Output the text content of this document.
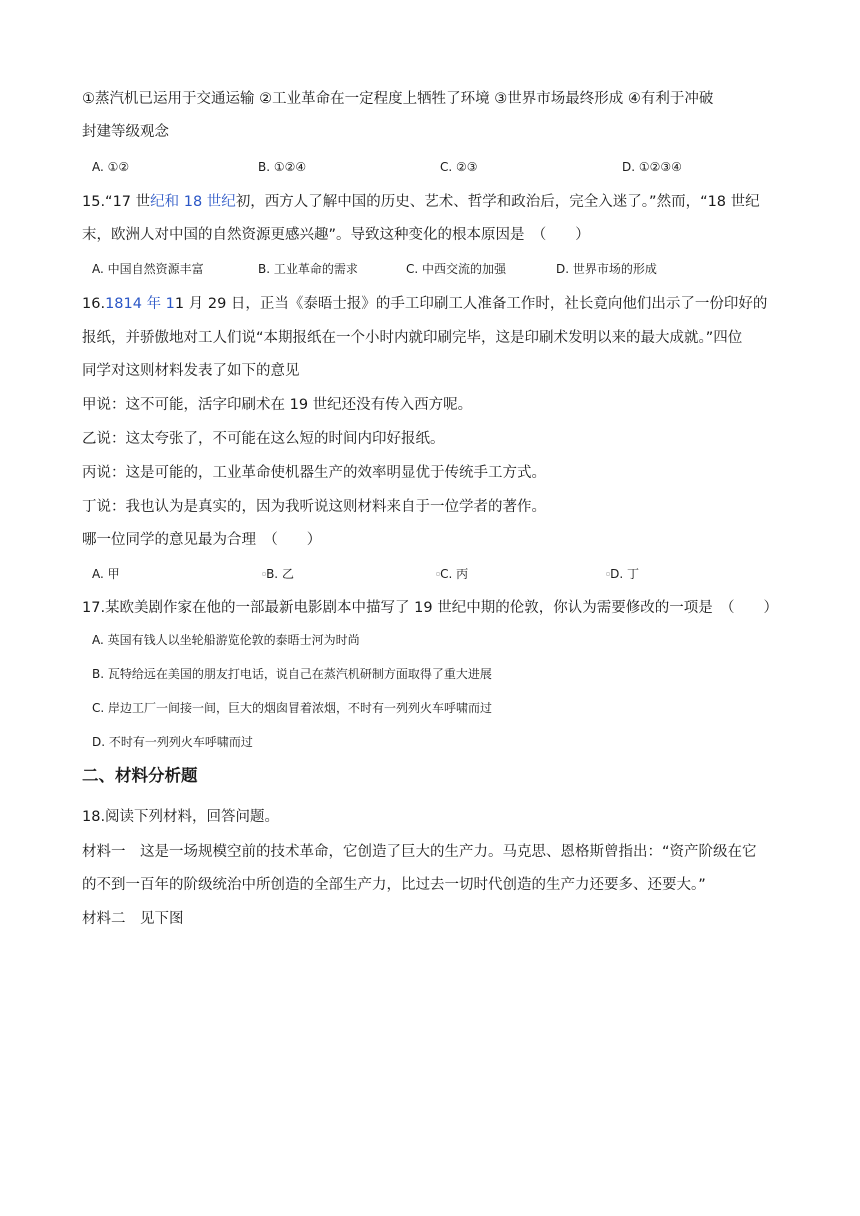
①蒸汽机已运用于交通运输 ②工业革命在一定程度上牺牲了环境 ③世界市场最终形成 ④有利于冲破
封建等级观念
A. ①②	B. ①②④	C. ②③	D. ①②③④
15.“17 世纪和 18 世纪初，西方人了解中国的历史、艺术、哲学和政治后，完全入迷了。”然而，“18 世纪
末，欧洲人对中国的自然资源更感兴趣”。导致这种变化的根本原因是　（　　）
A. 中国自然资源丰富	B. 工业革命的需求	C. 中西交流的加强	D. 世界市场的形成
16.1814 年 11 月 29 日，正当《泰晤士报》的手工印刷工人准备工作时，社长竟向他们出示了一份印好的
报纸，并骄傲地对工人们说“本期报纸在一个小时内就印刷完毕，这是印刷术发明以来的最大成就。”四位
同学对这则材料发表了如下的意见
甲说：这不可能，活字印刷术在 19 世纪还没有传入西方呢。
乙说：这太夸张了，不可能在这么短的时间内印好报纸。
丙说：这是可能的，工业革命使机器生产的效率明显优于传统手工方式。
丁说：我也认为是真实的，因为我听说这则材料来自于一位学者的著作。
哪一位同学的意见最为合理　（　　）
A. 甲	▫B. 乙	▫C. 丙	▫D. 丁
17.某欧美剧作家在他的一部最新电影剧本中描写了 19 世纪中期的伦敦，你认为需要修改的一项是　（　　）
A. 英国有钱人以坐轮船游览伦敦的泰晤士河为时尚
B. 瓦特给远在美国的朋友打电话，说自己在蒸汽机研制方面取得了重大进展
C. 岸边工厂一间接一间，巨大的烟囱冒着浓烟，不时有一列列火车呼啸而过
D. 不时有一列列火车呼啸而过
二、材料分析题
18.阅读下列材料，回答问题。
材料一　这是一场规模空前的技术革命，它创造了巨大的生产力。马克思、恩格斯曾指出：“资产阶级在它
的不到一百年的阶级统治中所创造的全部生产力，比过去一切时代创造的生产力还要多、还要大。”
材料二　见下图
